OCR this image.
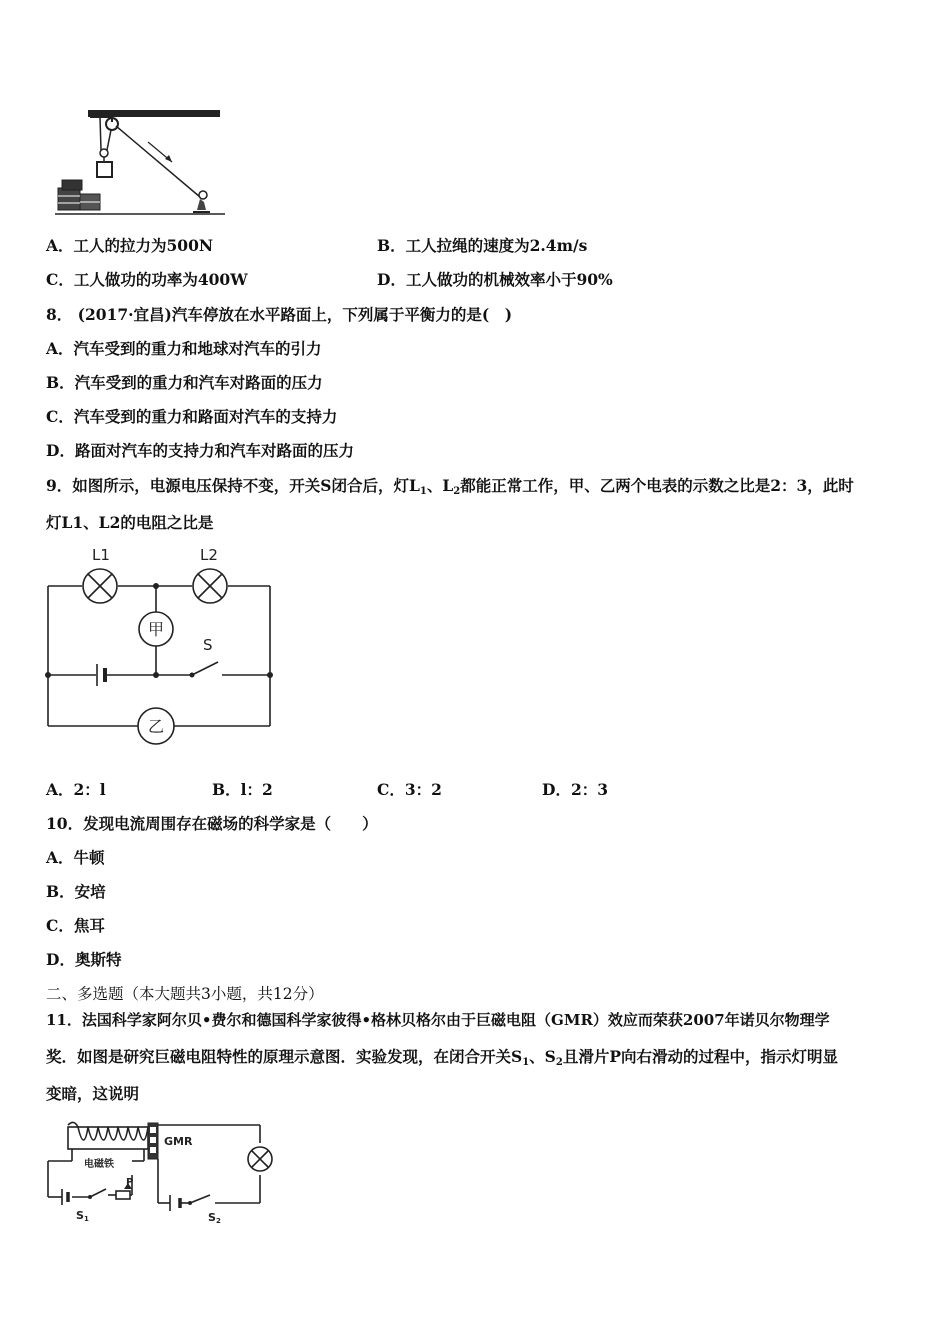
A．工人的拉力为500N	B．工人拉绳的速度为2.4m/s
C．工人做功的功率为400W	D．工人做功的机械效率小于90%
8． (2017·宜昌)汽车停放在水平路面上，下列属于平衡力的是(　)
A．汽车受到的重力和地球对汽车的引力
B．汽车受到的重力和汽车对路面的压力
C．汽车受到的重力和路面对汽车的支持力
D．路面对汽车的支持力和汽车对路面的压力
9．如图所示，电源电压保持不变，开关S闭合后，灯$L_1$、$L_2$都能正常工作，甲、乙两个电表的示数之比是2：3，此时
灯L1、L2的电阻之比是
S
L1	L2
甲
乙
A．2：l	B．l：2	C．3：2	D．2：3
10．发现电流周围存在磁场的科学家是（　　）
A．牛顿
B．安培
C．焦耳
D．奥斯特
二、多选题（本大题共3小题，共12分）
11．法国科学家阿尔贝•费尔和德国科学家彼得•格林贝格尔由于巨磁电阻（GMR）效应而荣获2007年诺贝尔物理学
奖．如图是研究巨磁电阻特性的原理示意图．实验发现，在闭合开关$S_1$、$S_2$且滑片P向右滑动的过程中，指示灯明显
变暗，这说明
P
电磁铁
S1
GMR
S2
